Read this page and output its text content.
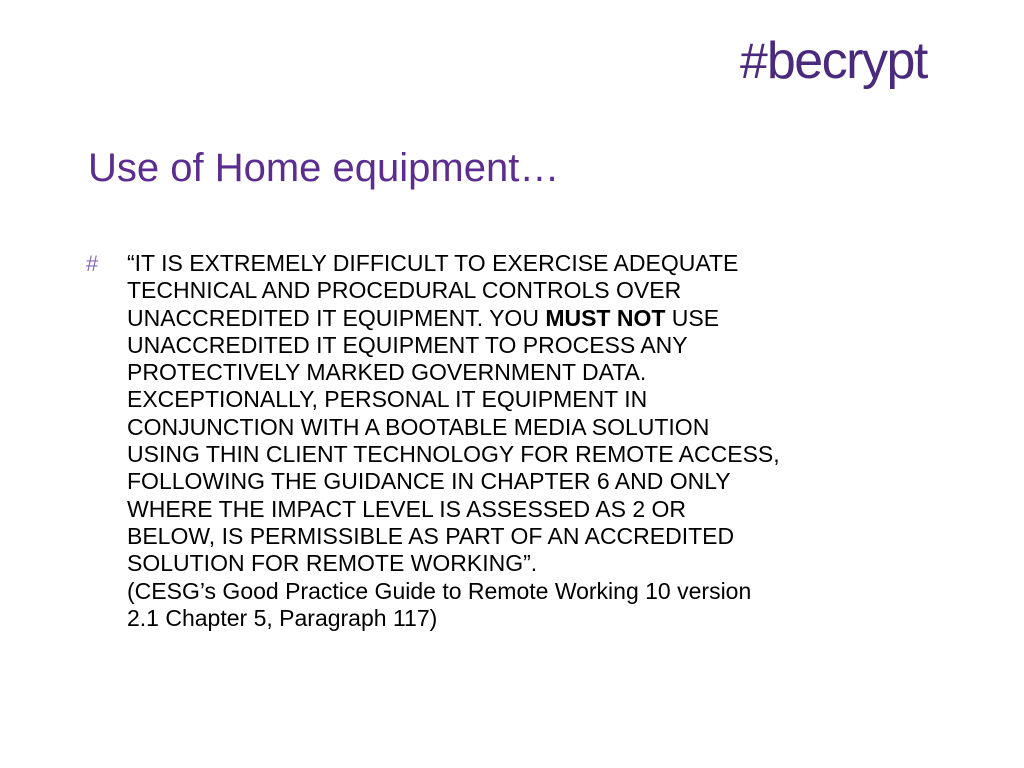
# becrypt
Use of Home equipment…
#	“IT IS EXTREMELY DIFFICULT TO EXERCISE ADEQUATE
TECHNICAL AND PROCEDURAL CONTROLS OVER
UNACCREDITED IT EQUIPMENT. YOU MUST NOT USE
UNACCREDITED IT EQUIPMENT TO PROCESS ANY
PROTECTIVELY MARKED GOVERNMENT DATA.
EXCEPTIONALLY, PERSONAL IT EQUIPMENT IN
CONJUNCTION WITH A BOOTABLE MEDIA SOLUTION
USING THIN CLIENT TECHNOLOGY FOR REMOTE ACCESS,
FOLLOWING THE GUIDANCE IN CHAPTER 6 AND ONLY
WHERE THE IMPACT LEVEL IS ASSESSED AS 2 OR
BELOW, IS PERMISSIBLE AS PART OF AN ACCREDITED
SOLUTION FOR REMOTE WORKING”.
(CESG’s Good Practice Guide to Remote Working 10 version
2.1 Chapter 5, Paragraph 117)
